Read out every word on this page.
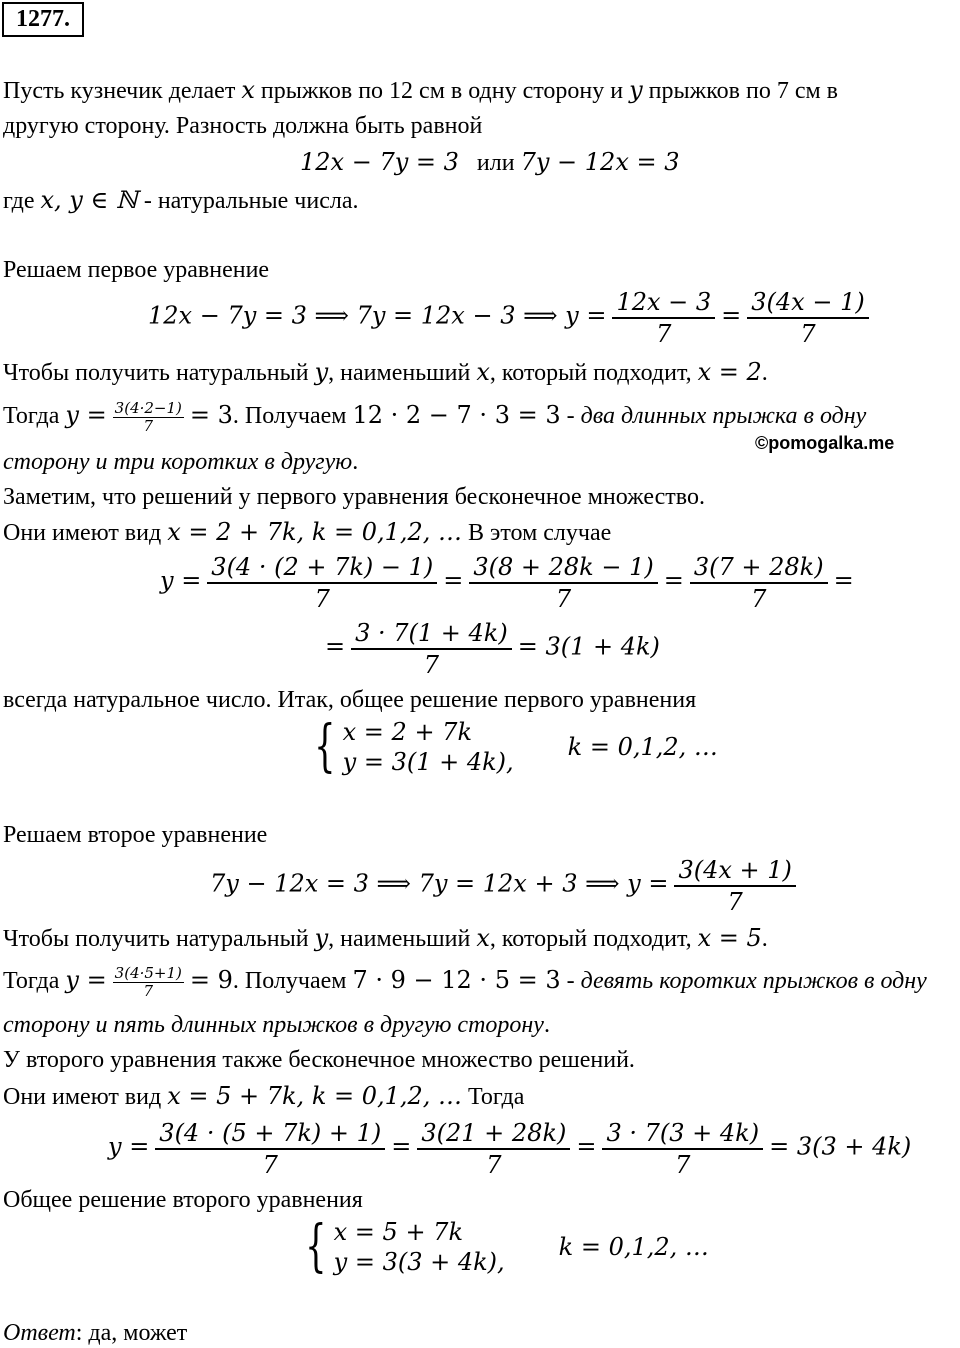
1277.
Пусть кузнечик делает x прыжков по 12 см в одну сторону и y прыжков по 7 см в
другую сторону. Разность должна быть равной
12x − 7y = 3 или 7y − 12x = 3
где x, y ∈ ℕ - натуральные числа.
Решаем первое уравнение
12x − 7y = 3 ⟹ 7y = 12x − 3 ⟹ $y = \frac{12x - 3}{7} = \frac{3(4x - 1)}{7}$
Чтобы получить натуральный y, наименьший x, который подходит, x = 2.
Тогда $y = \frac{3(4\cdot 2-1)}{7} = 3$. Получаем 12 · 2 − 7 · 3 = 3 - два длинных прыжка в одну
©pomogalka.me
сторону и три коротких в другую.
Заметим, что решений у первого уравнения бесконечное множество.
Они имеют вид x = 2 + 7k, k = 0,1,2, … В этом случае
$y = \frac{3(4 \cdot (2 + 7k) - 1)}{7} = \frac{3(8 + 28k - 1)}{7} = \frac{3(7 + 28k)}{7}$ =
= $\frac{3 \cdot 7(1 + 4k)}{7} = 3(1 + 4k)$
всегда натуральное число. Итак, общее решение первого уравнения
{ x = 2 + 7k
y = 3(1 + 4k),
k = 0,1,2, …
Решаем второе уравнение
7y − 12x = 3 ⟹ 7y = 12x + 3 ⟹ $y = \frac{3(4x + 1)}{7}$
Чтобы получить натуральный y, наименьший x, который подходит, x = 5.
Тогда $y = \frac{3(4\cdot 5+1)}{7} = 9$. Получаем 7 · 9 − 12 · 5 = 3 - девять коротких прыжков в одну
сторону и пять длинных прыжков в другую сторону.
У второго уравнения также бесконечное множество решений.
Они имеют вид x = 5 + 7k, k = 0,1,2, … Тогда
$y = \frac{3(4 \cdot (5 + 7k) + 1)}{7} = \frac{3(21 + 28k)}{7} = \frac{3 \cdot 7(3 + 4k)}{7} = 3(3 + 4k)$
Общее решение второго уравнения
{ x = 5 + 7k
y = 3(3 + 4k),
k = 0,1,2, …
Ответ: да, может
